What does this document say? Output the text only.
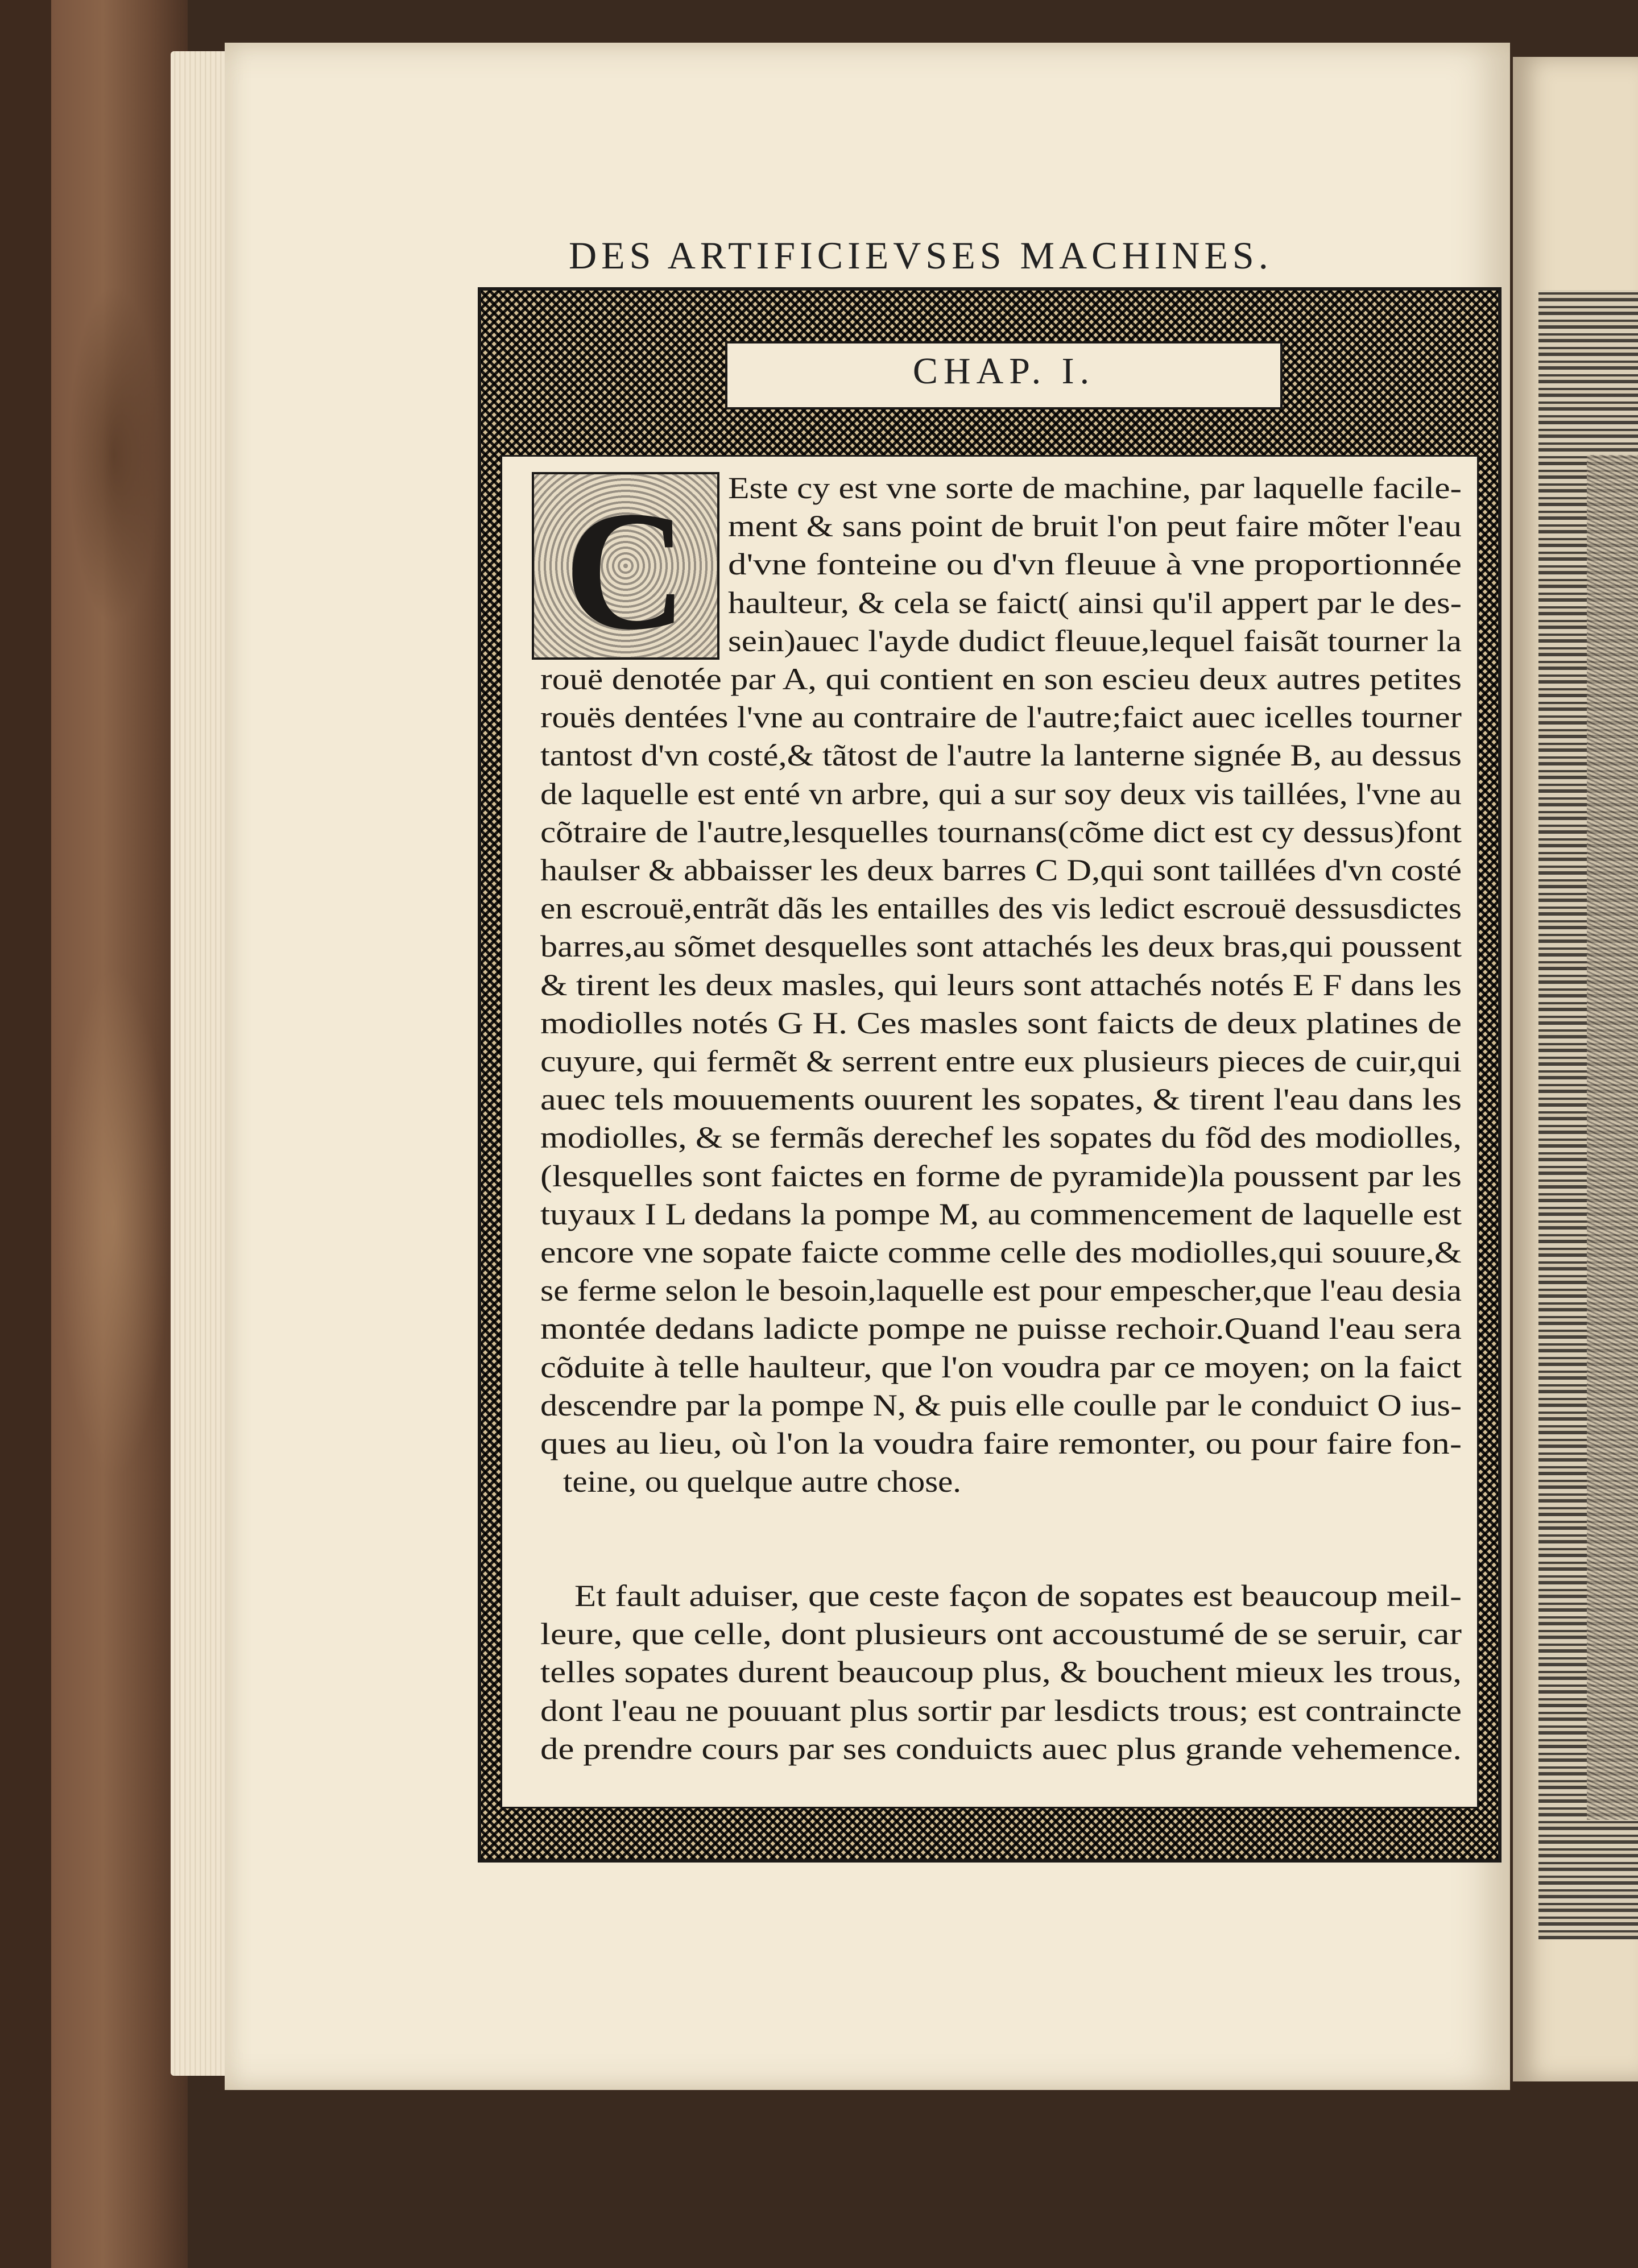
DES ARTIFICIEVSES MACHINES.
CHAP. I.
C Este cy est vne sorte de machine, par laquelle facile-
ment & sans point de bruit l'on peut faire mõter l'eau
d'vne fonteine ou d'vn fleuue à vne proportionnée
haulteur, & cela se faict( ainsi qu'il appert par le des-
sein)auec l'ayde dudict fleuue,lequel faisãt tourner la
rouë denotée par A, qui contient en son escieu deux autres petites
rouës dentées l'vne au contraire de l'autre;faict auec icelles tourner
tantost d'vn costé,& tãtost de l'autre la lanterne signée B, au dessus
de laquelle est enté vn arbre, qui a sur soy deux vis taillées, l'vne au
cõtraire de l'autre,lesquelles tournans(cõme dict est cy dessus)font
haulser & abbaisser les deux barres C D,qui sont taillées d'vn costé
en escrouë,entrãt dãs les entailles des vis ledict escrouë dessusdictes
barres,au sõmet desquelles sont attachés les deux bras,qui poussent
& tirent les deux masles, qui leurs sont attachés notés E F dans les
modiolles notés G H. Ces masles sont faicts de deux platines de
cuyure, qui fermẽt & serrent entre eux plusieurs pieces de cuir,qui
auec tels mouuements ouurent les sopates, & tirent l'eau dans les
modiolles, & se fermãs derechef les sopates du fõd des modiolles,
(lesquelles sont faictes en forme de pyramide)la poussent par les
tuyaux I L dedans la pompe M, au commencement de laquelle est
encore vne sopate faicte comme celle des modiolles,qui souure,&
se ferme selon le besoin,laquelle est pour empescher,que l'eau desia
montée dedans ladicte pompe ne puisse rechoir.Quand l'eau sera
cõduite à telle haulteur, que l'on voudra par ce moyen; on la faict
descendre par la pompe N, & puis elle coulle par le conduict O ius-
ques au lieu, où l'on la voudra faire remonter, ou pour faire fon-
teine, ou quelque autre chose.
Et fault aduiser, que ceste façon de sopates est beaucoup meil-
leure, que celle, dont plusieurs ont accoustumé de se seruir, car
telles sopates durent beaucoup plus, & bouchent mieux les trous,
dont l'eau ne pouuant plus sortir par lesdicts trous; est contraincte
de prendre cours par ses conduicts auec plus grande vehemence.
